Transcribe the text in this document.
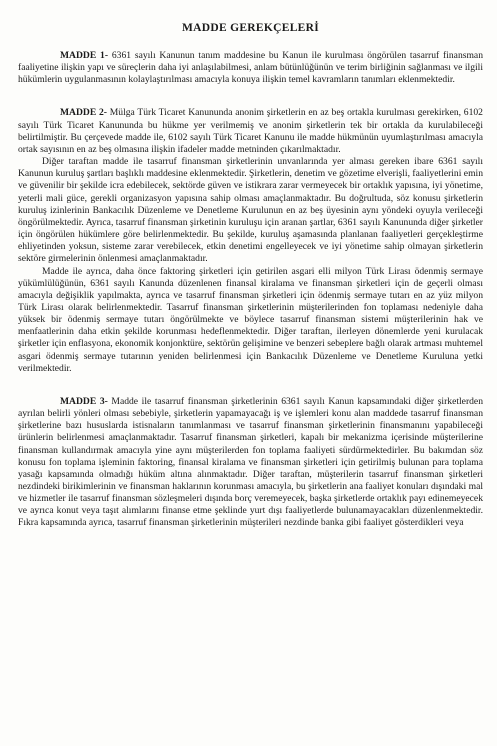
MADDE GEREKÇELERİ

MADDE 1- 6361 sayılı Kanunun tanım maddesine bu Kanun ile kurulması öngörülen tasarruf finansman faaliyetine ilişkin yapı ve süreçlerin daha iyi anlaşılabilmesi, anlam bütünlüğünün ve terim birliğinin sağlanması ve ilgili hükümlerin uygulanmasının kolaylaştırılması amacıyla konuya ilişkin temel kavramların tanımları eklenmektedir.

MADDE 2- Mülga Türk Ticaret Kanununda anonim şirketlerin en az beş ortakla kurulması gerekirken, 6102 sayılı Türk Ticaret Kanununda bu hükme yer verilmemiş ve anonim şirketlerin tek bir ortakla da kurulabileceği belirtilmiştir. Bu çerçevede madde ile, 6102 sayılı Türk Ticaret Kanunu ile madde hükmünün uyumlaştırılması amacıyla ortak sayısının en az beş olmasına ilişkin ifadeler madde metninden çıkarılmaktadır.

Diğer taraftan madde ile tasarruf finansman şirketlerinin unvanlarında yer alması gereken ibare 6361 sayılı Kanunun kuruluş şartları başlıklı maddesine eklenmektedir. Şirketlerin, denetim ve gözetime elverişli, faaliyetlerini emin ve güvenilir bir şekilde icra edebilecek, sektörde güven ve istikrara zarar vermeyecek bir ortaklık yapısına, iyi yönetime, yeterli mali güce, gerekli organizasyon yapısına sahip olması amaçlanmaktadır. Bu doğrultuda, söz konusu şirketlerin kuruluş izinlerinin Bankacılık Düzenleme ve Denetleme Kurulunun en az beş üyesinin aynı yöndeki oyuyla verileceği öngörülmektedir. Ayrıca, tasarruf finansman şirketinin kuruluşu için aranan şartlar, 6361 sayılı Kanununda diğer şirketler için öngörülen hükümlere göre belirlenmektedir. Bu şekilde, kuruluş aşamasında planlanan faaliyetleri gerçekleştirme ehliyetinden yoksun, sisteme zarar verebilecek, etkin denetimi engelleyecek ve iyi yönetime sahip olmayan şirketlerin sektöre girmelerinin önlenmesi amaçlanmaktadır.

Madde ile ayrıca, daha önce faktoring şirketleri için getirilen asgari elli milyon Türk Lirası ödenmiş sermaye yükümlülüğünün, 6361 sayılı Kanunda düzenlenen finansal kiralama ve finansman şirketleri için de geçerli olması amacıyla değişiklik yapılmakta, ayrıca ve tasarruf finansman şirketleri için ödenmiş sermaye tutarı en az yüz milyon Türk Lirası olarak belirlenmektedir. Tasarruf finansman şirketlerinin müşterilerinden fon toplaması nedeniyle daha yüksek bir ödenmiş sermaye tutarı öngörülmekte ve böylece tasarruf finansman sistemi müşterilerinin hak ve menfaatlerinin daha etkin şekilde korunması hedeflenmektedir. Diğer taraftan, ilerleyen dönemlerde yeni kurulacak şirketler için enflasyona, ekonomik konjonktüre, sektörün gelişimine ve benzeri sebeplere bağlı olarak artması muhtemel asgari ödenmiş sermaye tutarının yeniden belirlenmesi için Bankacılık Düzenleme ve Denetleme Kuruluna yetki verilmektedir.

MADDE 3- Madde ile tasarruf finansman şirketlerinin 6361 sayılı Kanun kapsamındaki diğer şirketlerden ayrılan belirli yönleri olması sebebiyle, şirketlerin yapamayacağı iş ve işlemleri konu alan maddede tasarruf finansman şirketlerine bazı hususlarda istisnaların tanımlanması ve tasarruf finansman şirketlerinin finansmanını yapabileceği ürünlerin belirlenmesi amaçlanmaktadır. Tasarruf finansman şirketleri, kapalı bir mekanizma içerisinde müşterilerine finansman kullandırmak amacıyla yine aynı müşterilerden fon toplama faaliyeti sürdürmektedirler. Bu bakımdan söz konusu fon toplama işleminin faktoring, finansal kiralama ve finansman şirketleri için getirilmiş bulunan para toplama yasağı kapsamında olmadığı hüküm altına alınmaktadır. Diğer taraftan, müşterilerin tasarruf finansman şirketleri nezdindeki birikimlerinin ve finansman haklarının korunması amacıyla, bu şirketlerin ana faaliyet konuları dışındaki mal ve hizmetler ile tasarruf finansman sözleşmeleri dışında borç veremeyecek, başka şirketlerde ortaklık payı edinemeyecek ve ayrıca konut veya taşıt alımlarını finanse etme şeklinde yurt dışı faaliyetlerde bulunamayacakları düzenlenmektedir. Fıkra kapsamında ayrıca, tasarruf finansman şirketlerinin müşterileri nezdinde banka gibi faaliyet gösterdikleri veya
